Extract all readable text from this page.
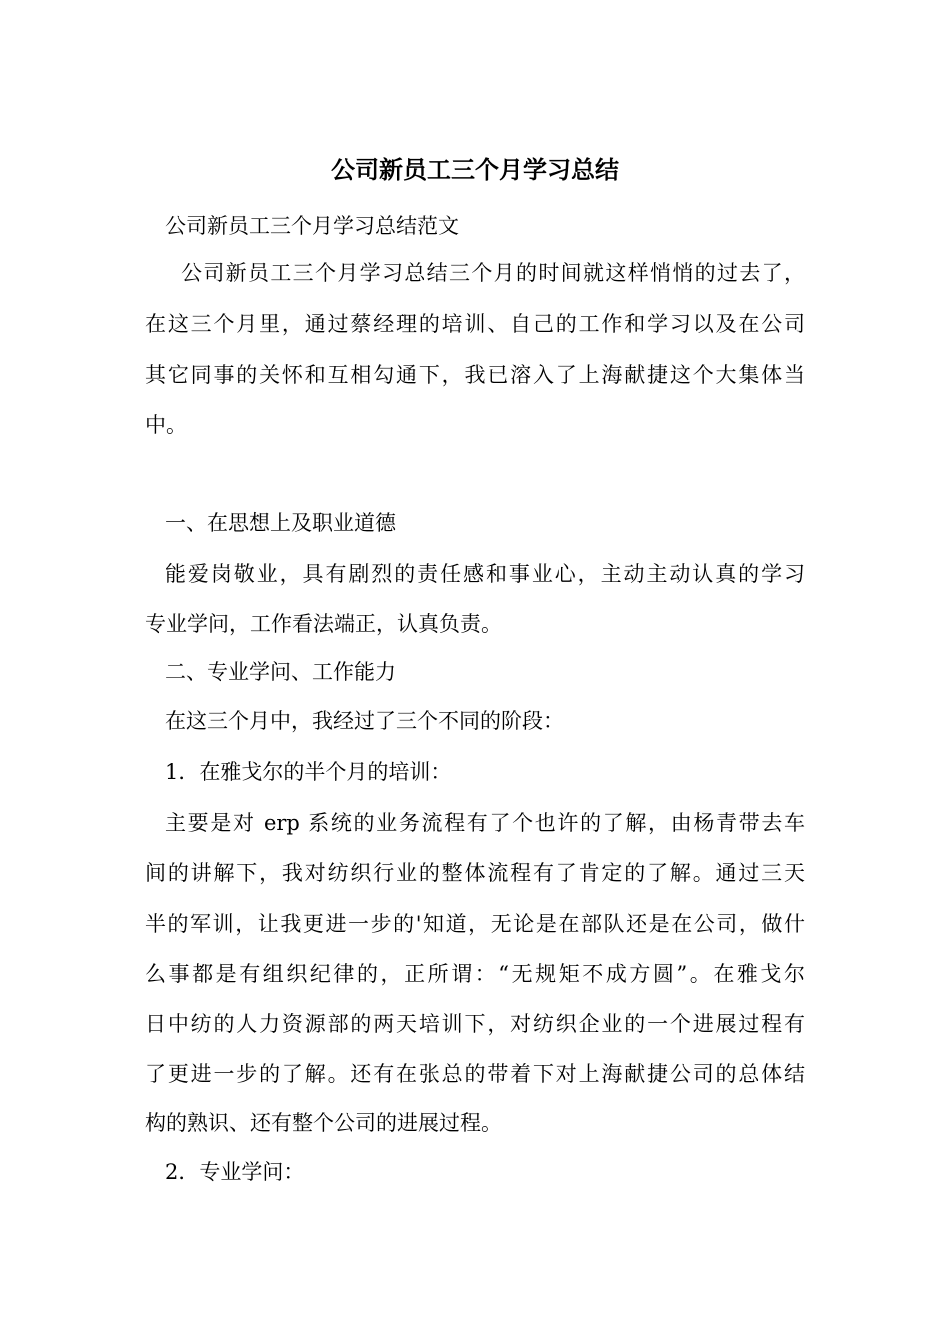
公司新员工三个月学习总结

公司新员工三个月学习总结范文

公司新员工三个月学习总结三个月的时间就这样悄悄的过去了，

在这三个月里，通过蔡经理的培训、自己的工作和学习以及在公司

其它同事的关怀和互相勾通下，我已溶入了上海献捷这个大集体当

中。

一、在思想上及职业道德

能爱岗敬业，具有剧烈的责任感和事业心，主动主动认真的学习

专业学问，工作看法端正，认真负责。

二、专业学问、工作能力

在这三个月中，我经过了三个不同的阶段：

1．在雅戈尔的半个月的培训：

主要是对 erp 系统的业务流程有了个也许的了解，由杨青带去车

间的讲解下，我对纺织行业的整体流程有了肯定的了解。通过三天

半的军训，让我更进一步的'知道，无论是在部队还是在公司，做什

么事都是有组织纪律的，正所谓：“无规矩不成方圆”。在雅戈尔

日中纺的人力资源部的两天培训下，对纺织企业的一个进展过程有

了更进一步的了解。还有在张总的带着下对上海献捷公司的总体结

构的熟识、还有整个公司的进展过程。

2．专业学问：
